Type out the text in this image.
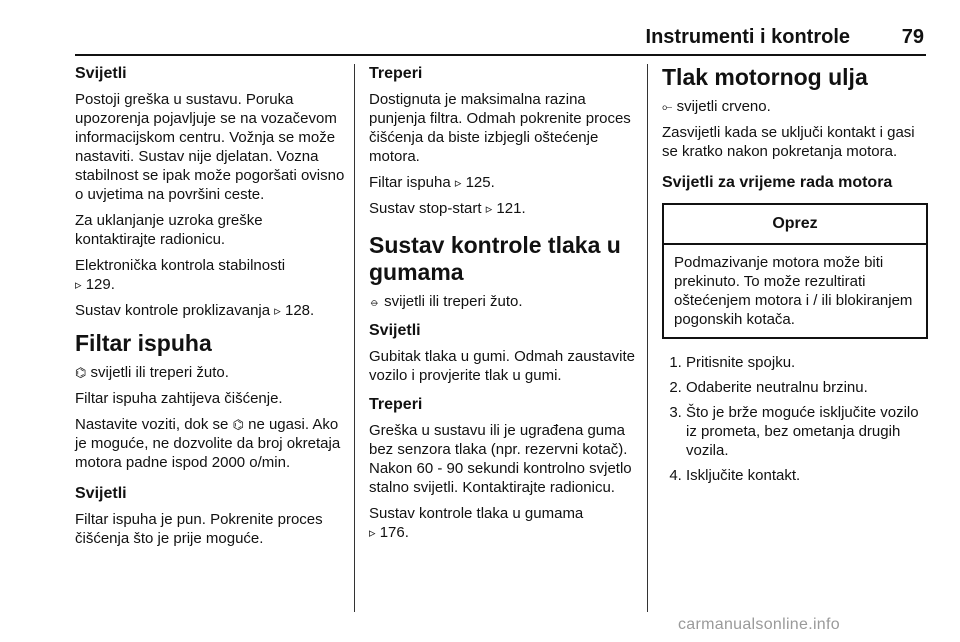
Instrumenti i kontrole	79
Svijetli

Postoji greška u sustavu. Poruka upozorenja pojavljuje se na vozačevom informacijskom centru. Vožnja se može nastaviti. Sustav nije djelatan. Vozna stabilnost se ipak može pogoršati ovisno o uvjetima na površini ceste.

Za uklanjanje uzroka greške kontaktirajte radionicu.

Elektronička kontrola stabilnosti
▹ 129.

Sustav kontrole proklizavanja ▹ 128.

Filtar ispuha

⌬ svijetli ili treperi žuto.

Filtar ispuha zahtijeva čišćenje.

Nastavite voziti, dok se ⌬ ne ugasi. Ako je moguće, ne dozvolite da broj okretaja motora padne ispod 2000 o/min.

Svijetli

Filtar ispuha je pun. Pokrenite proces čišćenja što je prije moguće.

Treperi

Dostignuta je maksimalna razina punjenja filtra. Odmah pokrenite proces čišćenja da biste izbjegli oštećenje motora.

Filtar ispuha ▹ 125.

Sustav stop-start ▹ 121.

Sustav kontrole tlaka u gumama

⦵ svijetli ili treperi žuto.

Svijetli

Gubitak tlaka u gumi. Odmah zaustavite vozilo i provjerite tlak u gumi.

Treperi

Greška u sustavu ili je ugrađena guma bez senzora tlaka (npr. rezervni kotač). Nakon 60 - 90 sekundi kontrolno svjetlo stalno svijetli. Kontaktirajte radionicu.

Sustav kontrole tlaka u gumama
▹ 176.

Tlak motornog ulja

⟜ svijetli crveno.

Zasvijetli kada se uključi kontakt i gasi se kratko nakon pokretanja motora.

Svijetli za vrijeme rada motora
Oprez
Podmazivanje motora može biti prekinuto. To može rezultirati oštećenjem motora i / ili blokiranjem pogonskih kotača.
1. Pritisnite spojku.
2. Odaberite neutralnu brzinu.
3. Što je brže moguće isključite vozilo iz prometa, bez ometanja drugih vozila.
4. Isključite kontakt.
carmanualsonline.info
